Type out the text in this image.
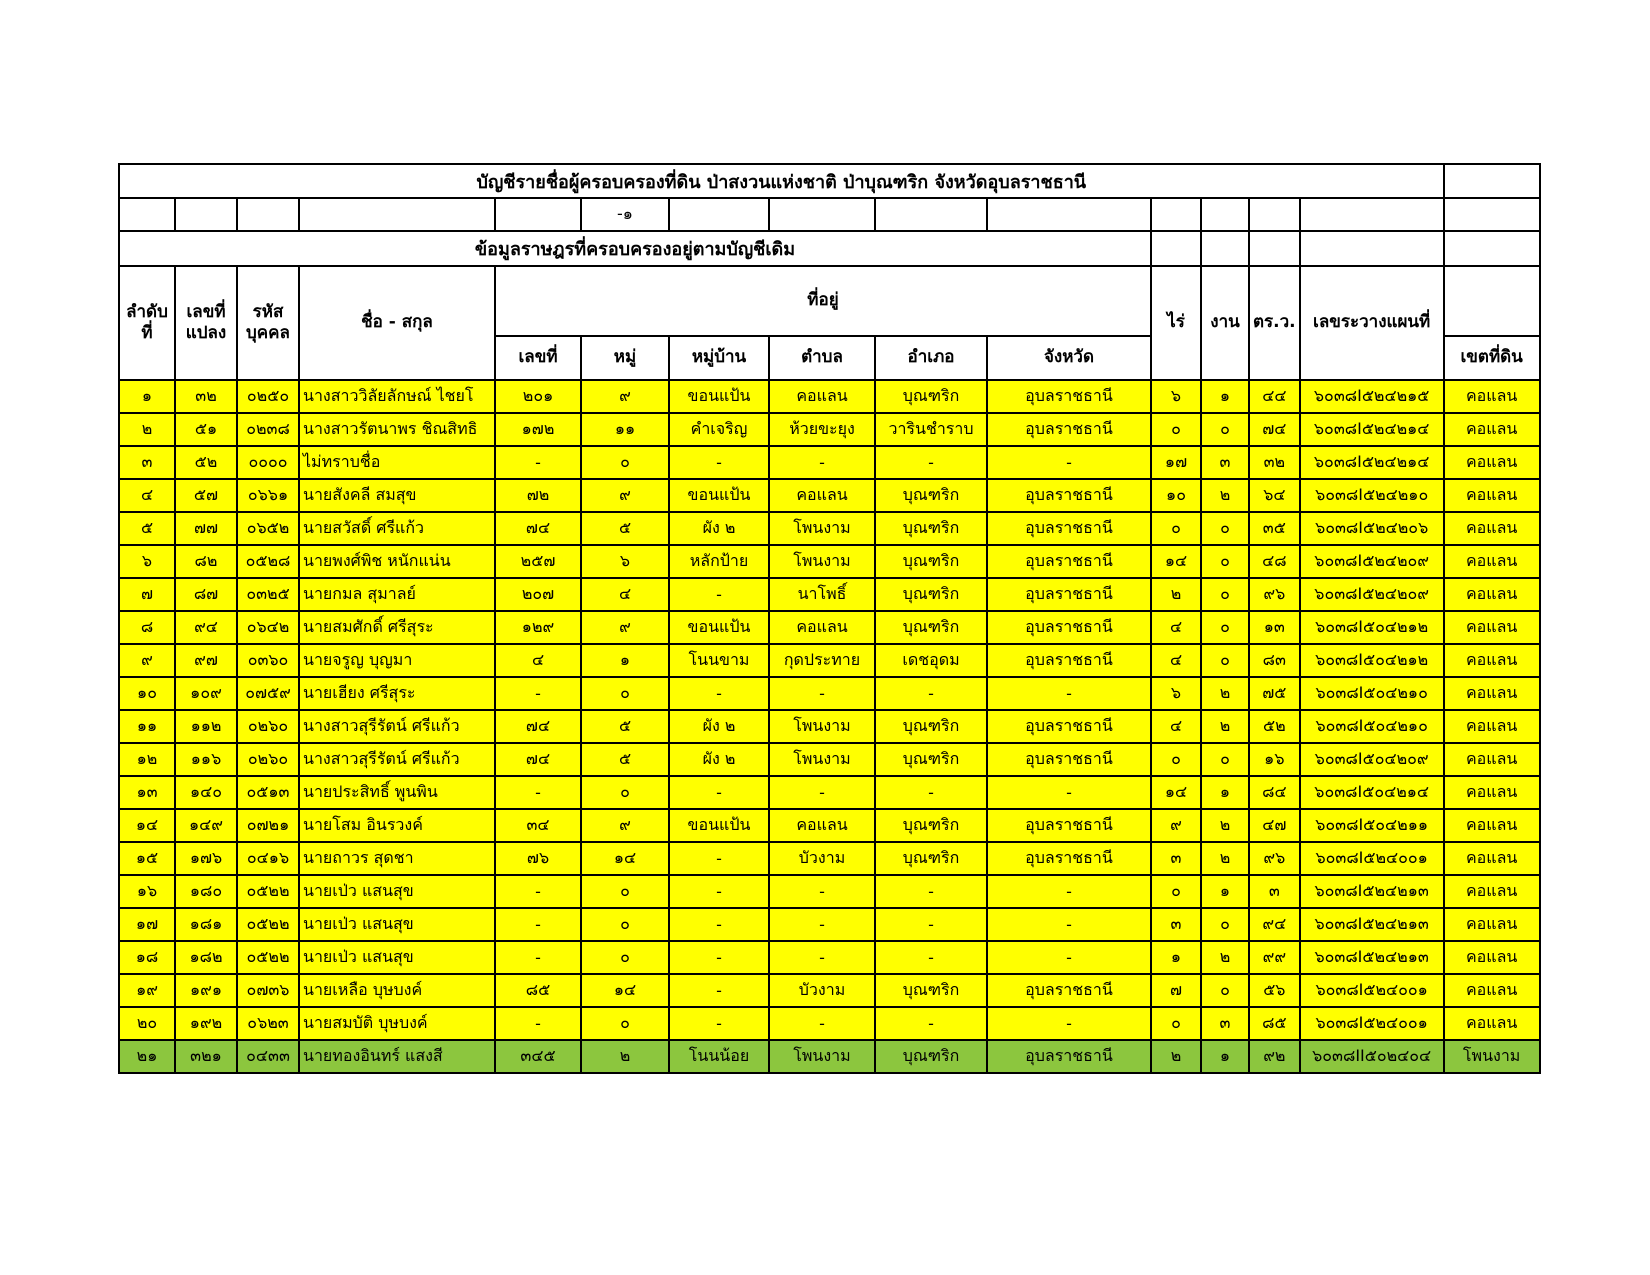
บัญชีรายชื่อผู้ครอบครองที่ดิน ป่าสงวนแห่งชาติ ป่าบุณฑริก จังหวัดอุบลราชธานี														
					-๑									
ข้อมูลราษฎรที่ครอบครองอยู่ตามบัญชีเดิม														
ลำดับที่	เลขที่แปลง	รหัสบุคคล	ชื่อ - สกุล	ที่อยู่						ไร่	งาน	ตร.ว.	เลขระวางแผนที่	
				เลขที่	หมู่	หมู่บ้าน	ตำบล	อำเภอ	จังหวัด					เขตที่ดิน
๑	๓๒	๐๒๕๐	นางสาววิลัยลักษณ์ ไชยโ	๒๐๑	๙	ขอนแป้น	คอแลน	บุณฑริก	อุบลราชธานี	๖	๑	๔๔	๖๐๓๘I๕๒๔๒๑๕	คอแลน
๒	๕๑	๐๒๓๘	นางสาวรัตนาพร ชิณสิทธิ	๑๗๒	๑๑	คำเจริญ	ห้วยขะยุง	วารินชำราบ	อุบลราชธานี	๐	๐	๗๔	๖๐๓๘I๕๒๔๒๑๔	คอแลน
๓	๕๒	๐๐๐๐	ไม่ทราบชื่อ	-	๐	-	-	-	-	๑๗	๓	๓๒	๖๐๓๘I๕๒๔๒๑๔	คอแลน
๔	๕๗	๐๖๖๑	นายสังคลี สมสุข	๗๒	๙	ขอนแป้น	คอแลน	บุณฑริก	อุบลราชธานี	๑๐	๒	๖๔	๖๐๓๘I๕๒๔๒๑๐	คอแลน
๕	๗๗	๐๖๕๒	นายสวัสดิ์ ศรีแก้ว	๗๔	๕	ผัง ๒	โพนงาม	บุณฑริก	อุบลราชธานี	๐	๐	๓๕	๖๐๓๘I๕๒๔๒๐๖	คอแลน
๖	๘๒	๐๕๒๘	นายพงศ์พิช หนักแน่น	๒๕๗	๖	หลักป้าย	โพนงาม	บุณฑริก	อุบลราชธานี	๑๔	๐	๔๘	๖๐๓๘I๕๒๔๒๐๙	คอแลน
๗	๘๗	๐๓๒๕	นายกมล สุมาลย์	๒๐๗	๔	-	นาโพธิ์	บุณฑริก	อุบลราชธานี	๒	๐	๙๖	๖๐๓๘I๕๒๔๒๐๙	คอแลน
๘	๙๔	๐๖๔๒	นายสมศักดิ์ ศรีสุระ	๑๒๙	๙	ขอนแป้น	คอแลน	บุณฑริก	อุบลราชธานี	๔	๐	๑๓	๖๐๓๘I๕๐๔๒๑๒	คอแลน
๙	๙๗	๐๓๖๐	นายจรูญ บุญมา	๔	๑	โนนขาม	กุดประทาย	เดชอุดม	อุบลราชธานี	๔	๐	๘๓	๖๐๓๘I๕๐๔๒๑๒	คอแลน
๑๐	๑๐๙	๐๗๕๙	นายเฮียง ศรีสุระ	-	๐	-	-	-	-	๖	๒	๗๕	๖๐๓๘I๕๐๔๒๑๐	คอแลน
๑๑	๑๑๒	๐๒๖๐	นางสาวสุรีรัตน์ ศรีแก้ว	๗๔	๕	ผัง ๒	โพนงาม	บุณฑริก	อุบลราชธานี	๔	๒	๕๒	๖๐๓๘I๕๐๔๒๑๐	คอแลน
๑๒	๑๑๖	๐๒๖๐	นางสาวสุรีรัตน์ ศรีแก้ว	๗๔	๕	ผัง ๒	โพนงาม	บุณฑริก	อุบลราชธานี	๐	๐	๑๖	๖๐๓๘I๕๐๔๒๐๙	คอแลน
๑๓	๑๔๐	๐๕๑๓	นายประสิทธิ์ พูนพิน	-	๐	-	-	-	-	๑๔	๑	๘๔	๖๐๓๘I๕๐๔๒๑๔	คอแลน
๑๔	๑๔๙	๐๗๒๑	นายโสม อินรวงค์	๓๔	๙	ขอนแป้น	คอแลน	บุณฑริก	อุบลราชธานี	๙	๒	๔๗	๖๐๓๘I๕๐๔๒๑๑	คอแลน
๑๕	๑๗๖	๐๔๑๖	นายถาวร สุดชา	๗๖	๑๔	-	บัวงาม	บุณฑริก	อุบลราชธานี	๓	๒	๙๖	๖๐๓๘I๕๒๔๐๐๑	คอแลน
๑๖	๑๘๐	๐๕๒๒	นายเป่ว แสนสุข	-	๐	-	-	-	-	๐	๑	๓	๖๐๓๘I๕๒๔๒๑๓	คอแลน
๑๗	๑๘๑	๐๕๒๒	นายเป่ว แสนสุข	-	๐	-	-	-	-	๓	๐	๙๔	๖๐๓๘I๕๒๔๒๑๓	คอแลน
๑๘	๑๘๒	๐๕๒๒	นายเป่ว แสนสุข	-	๐	-	-	-	-	๑	๒	๙๙	๖๐๓๘I๕๒๔๒๑๓	คอแลน
๑๙	๑๙๑	๐๗๓๖	นายเหลือ บุษบงค์	๘๕	๑๔	-	บัวงาม	บุณฑริก	อุบลราชธานี	๗	๐	๕๖	๖๐๓๘I๕๒๔๐๐๑	คอแลน
๒๐	๑๙๒	๐๖๒๓	นายสมบัติ บุษบงค์	-	๐	-	-	-	-	๐	๓	๘๕	๖๐๓๘I๕๒๔๐๐๑	คอแลน
๒๑	๓๒๑	๐๔๓๓	นายทองอินทร์ แสงสี	๓๔๕	๒	โนนน้อย	โพนงาม	บุณฑริก	อุบลราชธานี	๒	๑	๙๒	๖๐๓๘II๕๐๒๔๐๔	โพนงาม
